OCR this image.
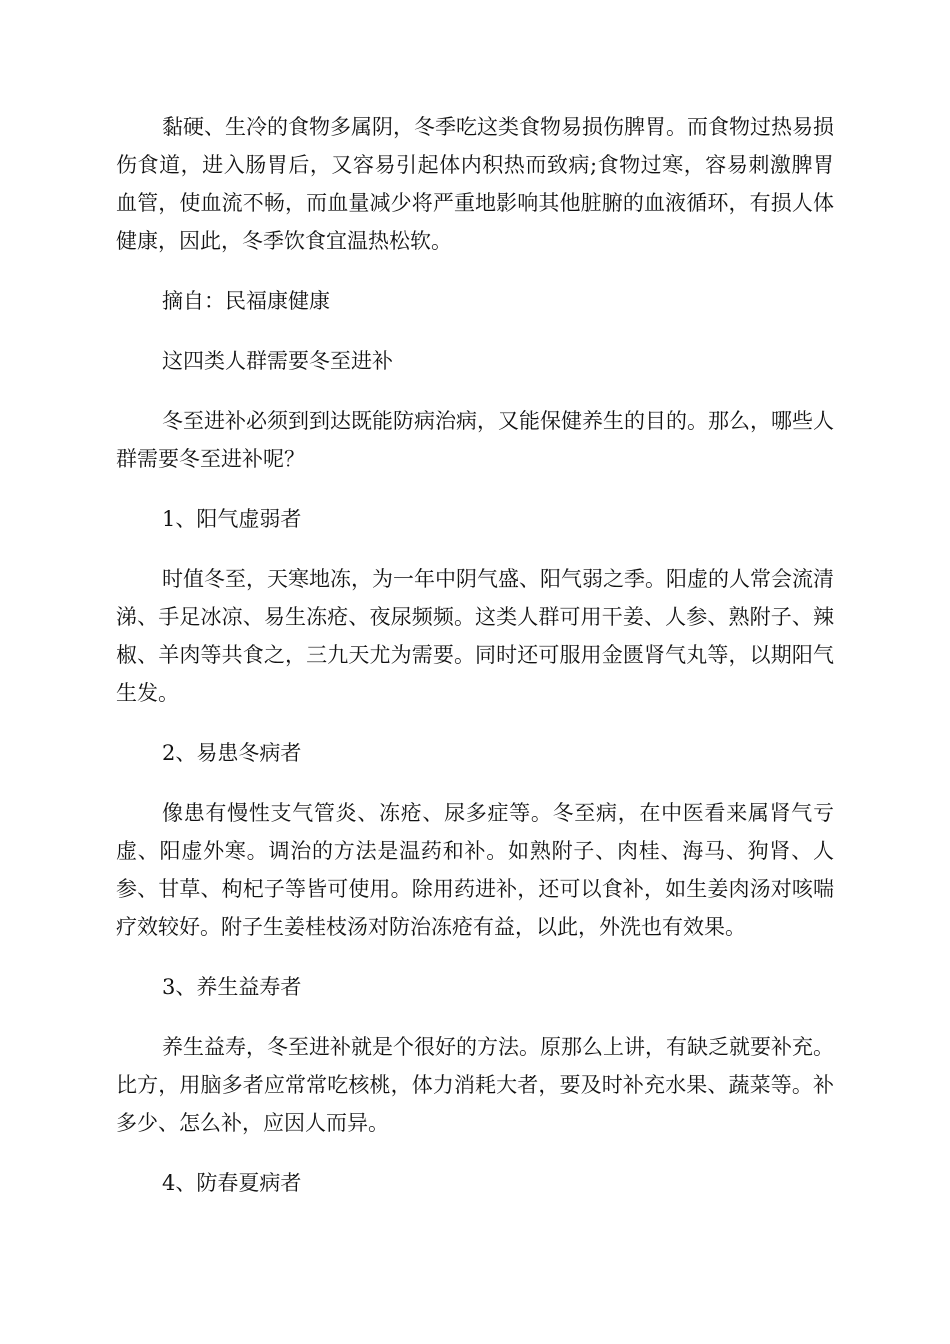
黏硬、生冷的食物多属阴，冬季吃这类食物易损伤脾胃。而食物过热易损伤食道，进入肠胃后，又容易引起体内积热而致病;食物过寒，容易刺激脾胃血管，使血流不畅，而血量减少将严重地影响其他脏腑的血液循环，有损人体健康，因此，冬季饮食宜温热松软。

摘自：民福康健康

这四类人群需要冬至进补

冬至进补必须到到达既能防病治病，又能保健养生的目的。那么，哪些人群需要冬至进补呢？

1、阳气虚弱者

时值冬至，天寒地冻，为一年中阴气盛、阳气弱之季。阳虚的人常会流清涕、手足冰凉、易生冻疮、夜尿频频。这类人群可用干姜、人参、熟附子、辣椒、羊肉等共食之，三九天尤为需要。同时还可服用金匮肾气丸等，以期阳气生发。

2、易患冬病者

像患有慢性支气管炎、冻疮、尿多症等。冬至病，在中医看来属肾气亏虚、阳虚外寒。调治的方法是温药和补。如熟附子、肉桂、海马、狗肾、人参、甘草、枸杞子等皆可使用。除用药进补，还可以食补，如生姜肉汤对咳喘疗效较好。附子生姜桂枝汤对防治冻疮有益，以此，外洗也有效果。

3、养生益寿者

养生益寿，冬至进补就是个很好的方法。原那么上讲，有缺乏就要补充。比方，用脑多者应常常吃核桃，体力消耗大者，要及时补充水果、蔬菜等。补多少、怎么补，应因人而异。

4、防春夏病者
